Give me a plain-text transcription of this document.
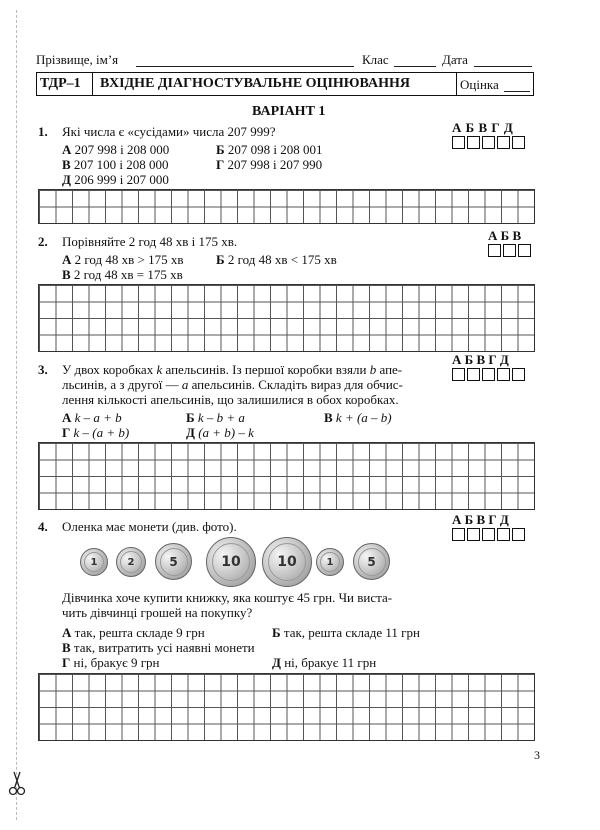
Прізвище, ім’я	Клас	Дата
ТДР–1 ВХІДНЕ ДІАГНОСТУВАЛЬНЕ ОЦІНЮВАННЯ	Оцінка
ВАРІАНТ 1
1. Які числа є «сусідами» числа 207 999?	А Б В Г Д
А 207 998 і 208 000	Б 207 098 і 208 001
В 207 100 і 208 000	Г 207 998 і 207 990
Д 206 999 і 207 000
2. Порівняйте 2 год 48 хв і 175 хв.	А Б В
А 2 год 48 хв > 175 хв	Б 2 год 48 хв < 175 хв
В 2 год 48 хв = 175 хв
3. У двох коробках k апельсинів. Із першої коробки взяли b апе-
льсинів, а з другої — a апельсинів. Складіть вираз для обчис-
лення кількості апельсинів, що залишилися в обох коробках.
А Б В Г Д
А k – a + b	Б k – b + a	В k + (a – b)
Г k – (a + b)	Д (a + b) – k
4. Оленка має монети (див. фото).	А Б В Г Д
1	2	5	10	10	1	5
Дівчинка хоче купити книжку, яка коштує 45 грн. Чи виста-
чить дівчинці грошей на покупку?
А так, решта складе 9 грн	Б так, решта складе 11 грн
В так, витратить усі наявні монети
Г ні, бракує 9 грн	Д ні, бракує 11 грн
3
